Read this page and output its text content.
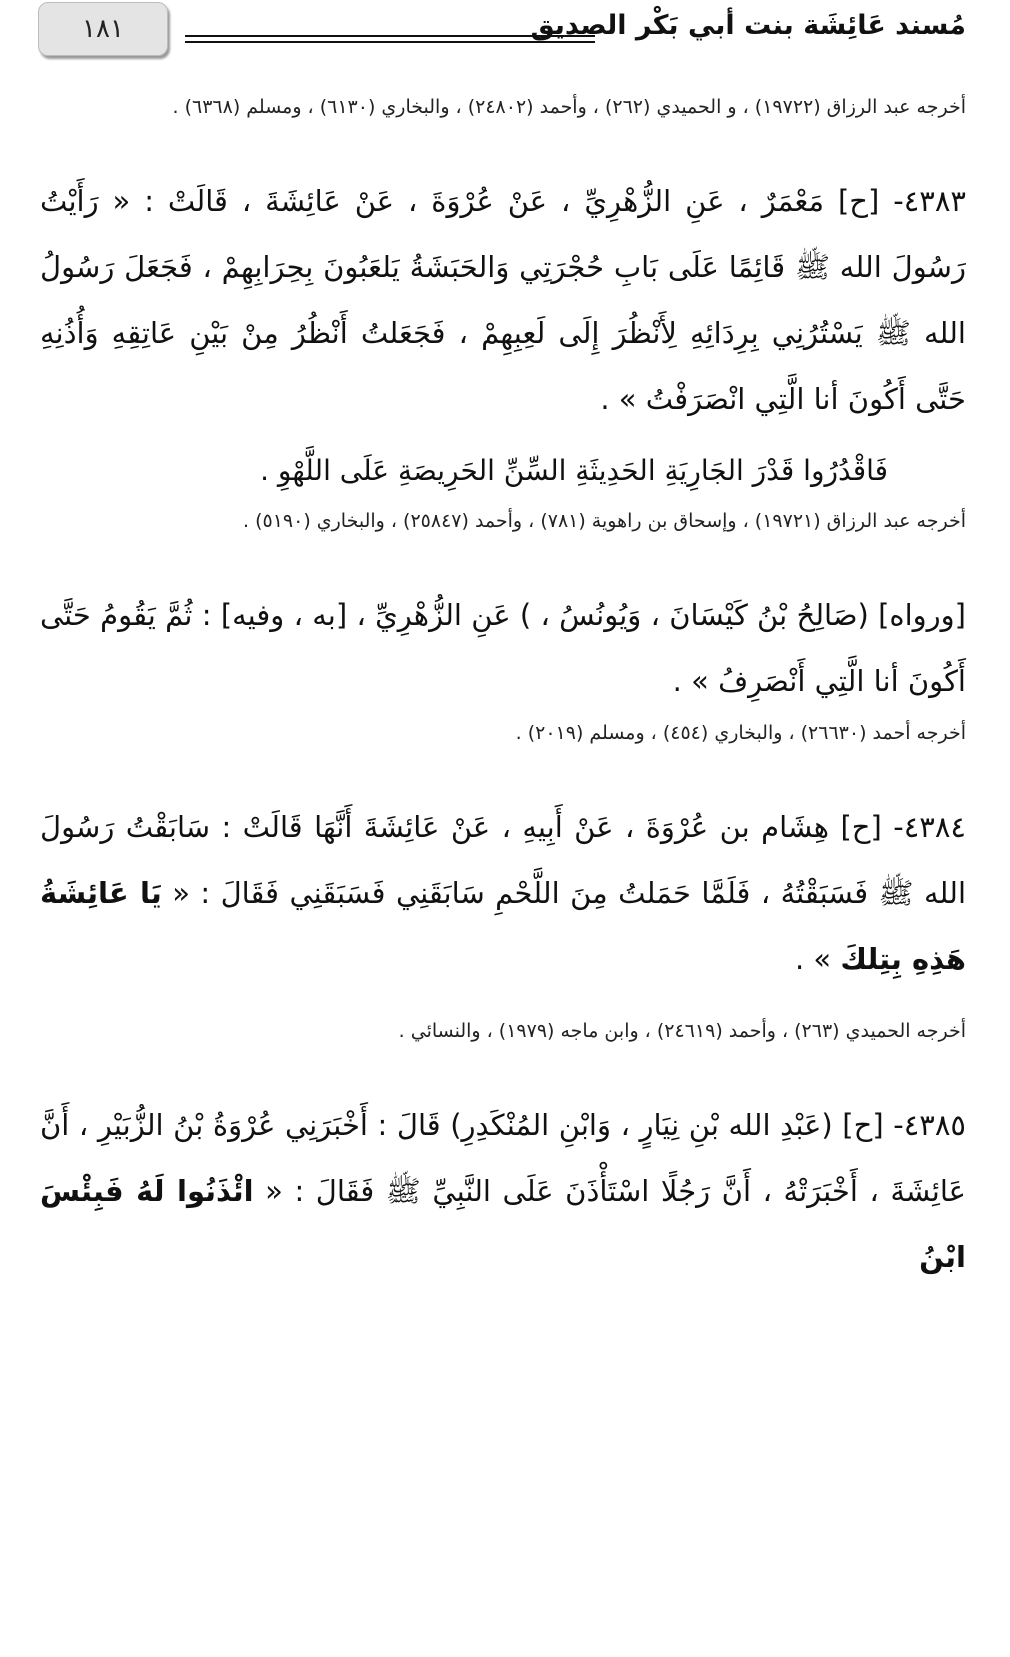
١٨١	مُسند عَائِشَة بنت أبي بَكْر الصديق

أخرجه عبد الرزاق (١٩٧٢٢) ، و الحميدي (٢٦٢) ، وأحمد (٢٤٨٠٢) ، والبخاري (٦١٣٠) ، ومسلم (٦٣٦٨) .

٤٣٨٣- [ح] مَعْمَرٌ ، عَنِ الزُّهْرِيِّ ، عَنْ عُرْوَةَ ، عَنْ عَائِشَةَ ، قَالَتْ : « رَأَيْتُ رَسُولَ الله ﷺ قَائِمًا عَلَى بَابِ حُجْرَتِي وَالحَبَشَةُ يَلعَبُونَ بِحِرَابِهِمْ ، فَجَعَلَ رَسُولُ الله ﷺ يَسْتُرُنِي بِرِدَائِهِ لِأَنْظُرَ إِلَى لَعِبِهِمْ ، فَجَعَلتُ أَنْظُرُ مِنْ بَيْنِ عَاتِقِهِ وَأُذُنِهِ حَتَّى أَكُونَ أنا الَّتِي انْصَرَفْتُ » .

فَاقْدُرُوا قَدْرَ الجَارِيَةِ الحَدِيثَةِ السِّنِّ الحَرِيصَةِ عَلَى اللَّهْوِ .

أخرجه عبد الرزاق (١٩٧٢١) ، وإسحاق بن راهوية (٧٨١) ، وأحمد (٢٥٨٤٧) ، والبخاري (٥١٩٠) .

[ورواه] (صَالِحُ بْنُ كَيْسَانَ ، وَيُونُسُ ، ) عَنِ الزُّهْرِيِّ ، [به ، وفيه] : ثُمَّ يَقُومُ حَتَّى أَكُونَ أنا الَّتِي أَنْصَرِفُ » .

أخرجه أحمد (٢٦٦٣٠) ، والبخاري (٤٥٤) ، ومسلم (٢٠١٩) .

٤٣٨٤- [ح] هِشَام بن عُرْوَةَ ، عَنْ أَبِيهِ ، عَنْ عَائِشَةَ أَنَّهَا قَالَتْ : سَابَقْتُ رَسُولَ الله ﷺ فَسَبَقْتُهُ ، فَلَمَّا حَمَلتُ مِنَ اللَّحْمِ سَابَقَنِي فَسَبَقَنِي فَقَالَ : « يَا عَائِشَةُ هَذِهِ بِتِلكَ » .

أخرجه الحميدي (٢٦٣) ، وأحمد (٢٤٦١٩) ، وابن ماجه (١٩٧٩) ، والنسائي .

٤٣٨٥- [ح] (عَبْدِ الله بْنِ نِيَارٍ ، وَابْنِ المُنْكَدِرِ) قَالَ : أَخْبَرَنِي عُرْوَةُ بْنُ الزُّبَيْرِ ، أَنَّ عَائِشَةَ ، أَخْبَرَتْهُ ، أَنَّ رَجُلًا اسْتَأْذَنَ عَلَى النَّبِيِّ ﷺ فَقَالَ : « ائْذَنُوا لَهُ فَبِئْسَ ابْنُ
